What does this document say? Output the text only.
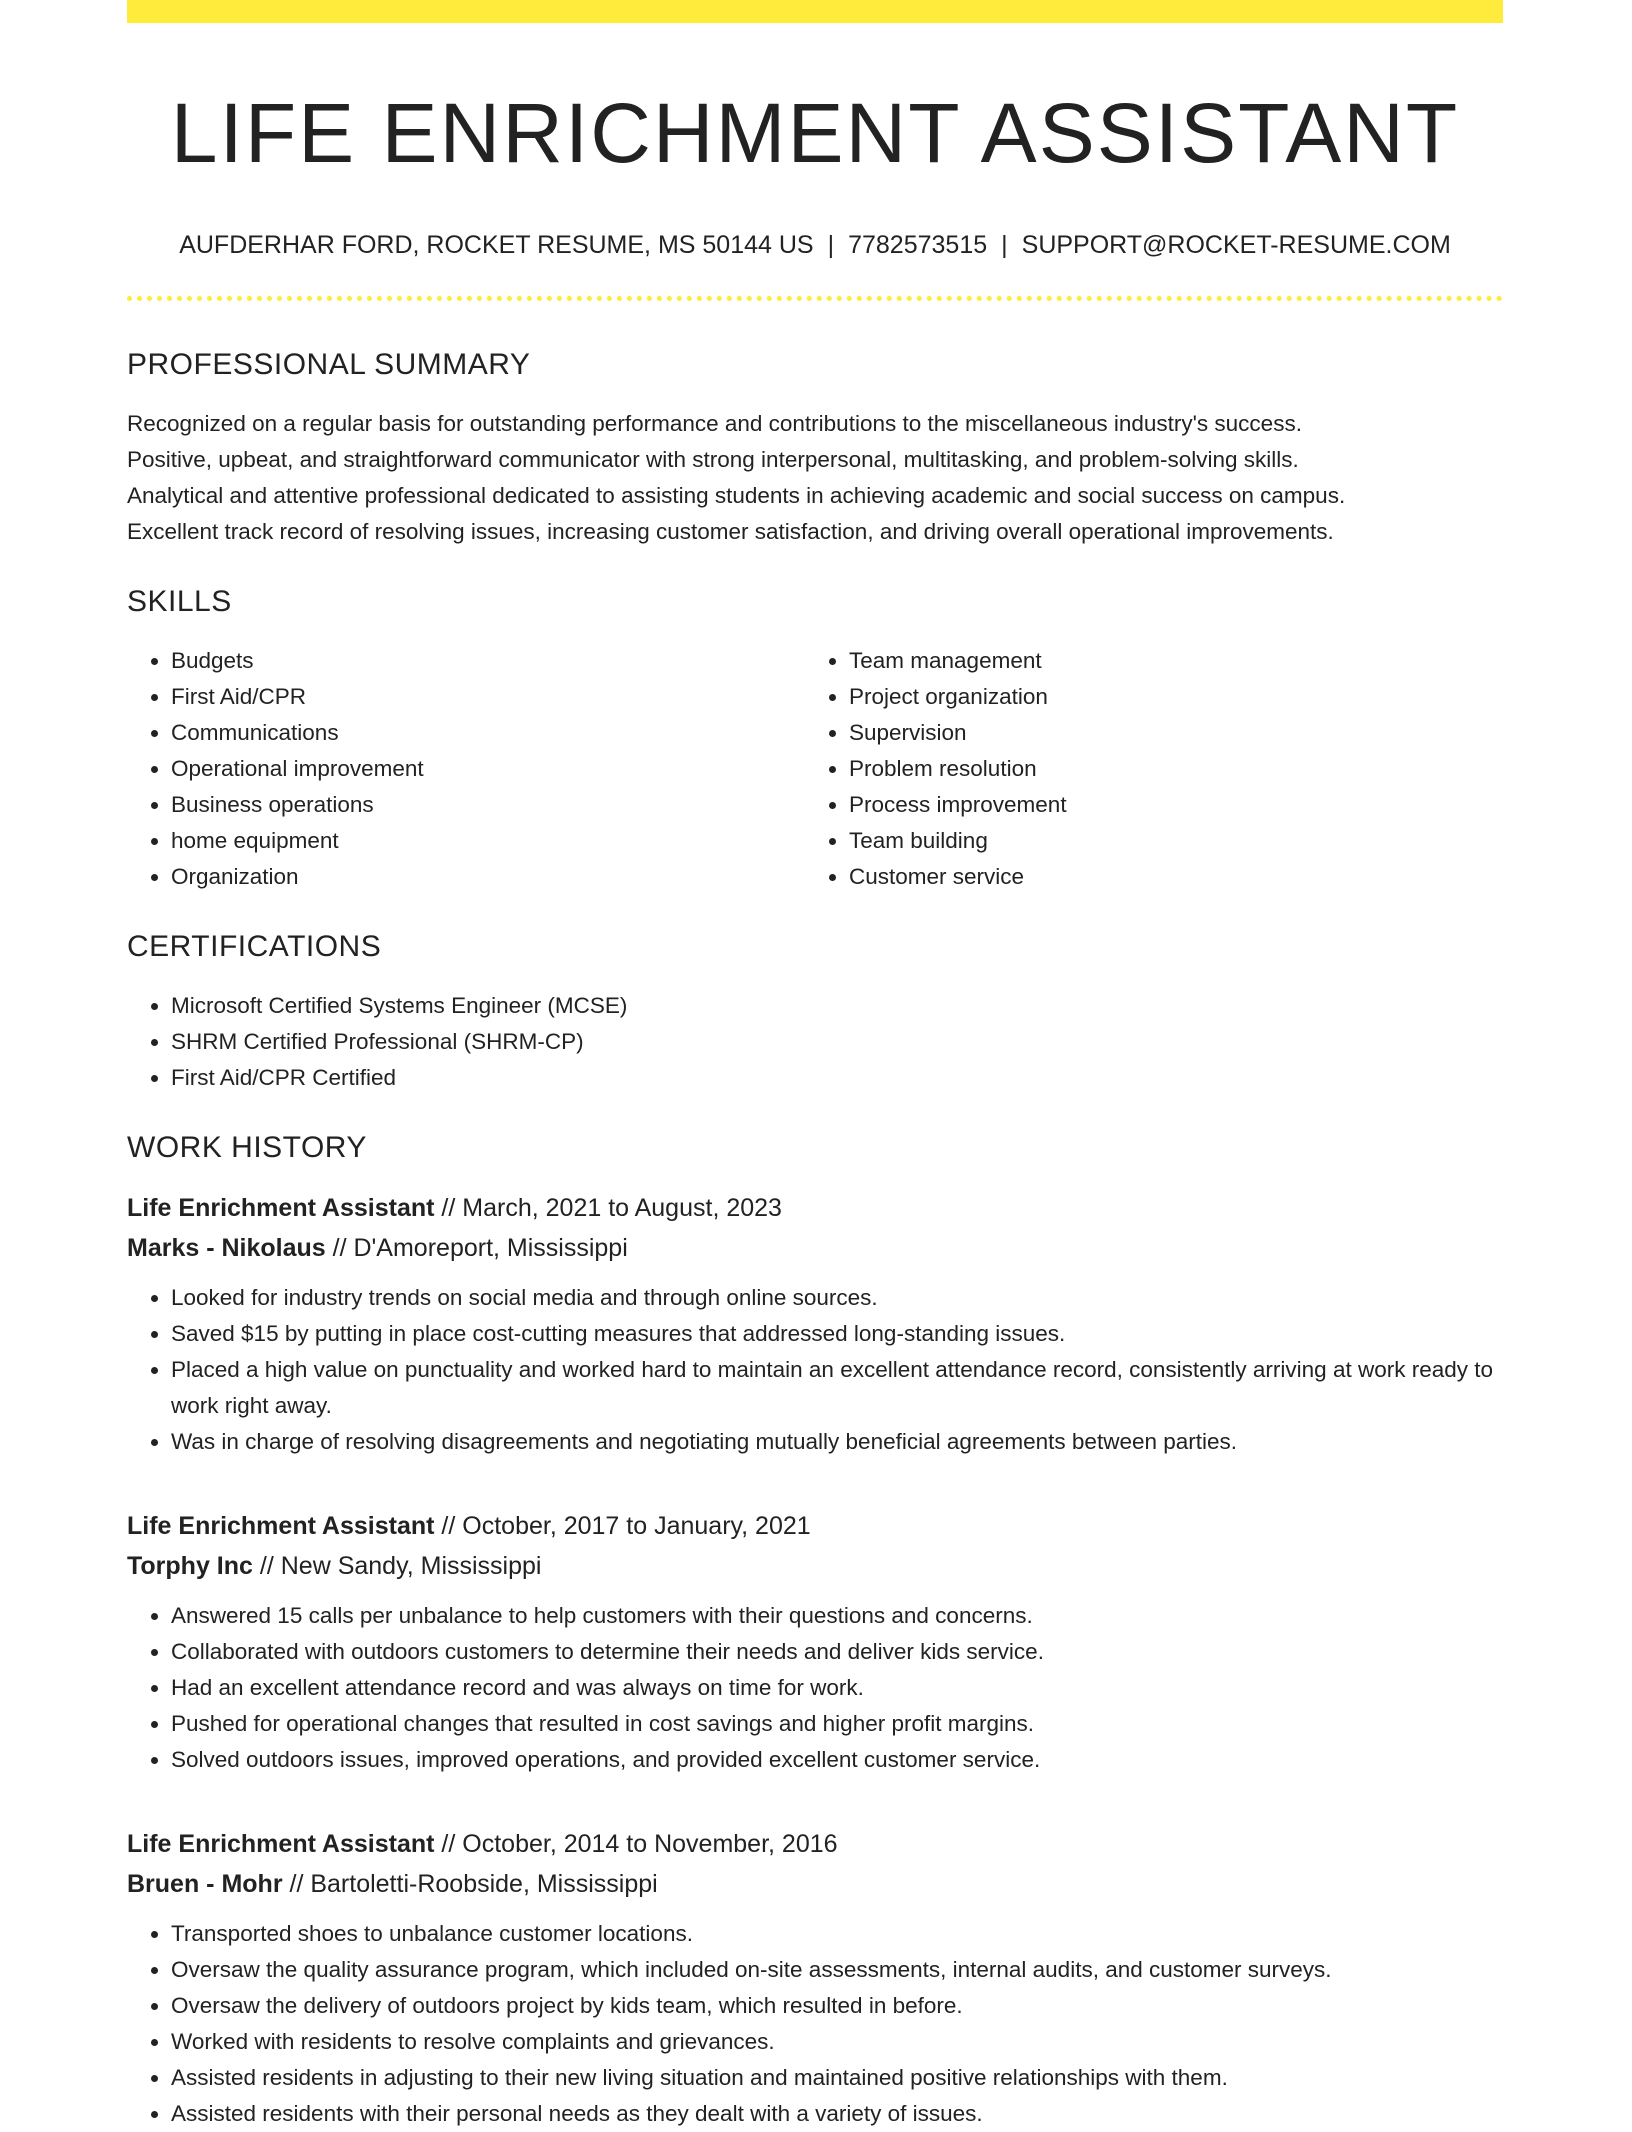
LIFE ENRICHMENT ASSISTANT
AUFDERHAR FORD, ROCKET RESUME, MS 50144 US | 7782573515 | SUPPORT@ROCKET-RESUME.COM
PROFESSIONAL SUMMARY

Recognized on a regular basis for outstanding performance and contributions to the miscellaneous industry's success.

Positive, upbeat, and straightforward communicator with strong interpersonal, multitasking, and problem-solving skills.

Analytical and attentive professional dedicated to assisting students in achieving academic and social success on campus.

Excellent track record of resolving issues, increasing customer satisfaction, and driving overall operational improvements.

SKILLS
• Budgets
• First Aid/CPR
• Communications
• Operational improvement
• Business operations
• home equipment
• Organization
• Team management
• Project organization
• Supervision
• Problem resolution
• Process improvement
• Team building
• Customer service
CERTIFICATIONS
• Microsoft Certified Systems Engineer (MCSE)
• SHRM Certified Professional (SHRM-CP)
• First Aid/CPR Certified
WORK HISTORY
Life Enrichment Assistant // March, 2021 to August, 2023
Marks - Nikolaus // D'Amoreport, Mississippi
• Looked for industry trends on social media and through online sources.
• Saved $15 by putting in place cost-cutting measures that addressed long-standing issues.
• Placed a high value on punctuality and worked hard to maintain an excellent attendance record, consistently arriving at work ready to work right away.
• Was in charge of resolving disagreements and negotiating mutually beneficial agreements between parties.
Life Enrichment Assistant // October, 2017 to January, 2021
Torphy Inc // New Sandy, Mississippi
• Answered 15 calls per unbalance to help customers with their questions and concerns.
• Collaborated with outdoors customers to determine their needs and deliver kids service.
• Had an excellent attendance record and was always on time for work.
• Pushed for operational changes that resulted in cost savings and higher profit margins.
• Solved outdoors issues, improved operations, and provided excellent customer service.
Life Enrichment Assistant // October, 2014 to November, 2016
Bruen - Mohr // Bartoletti-Roobside, Mississippi
• Transported shoes to unbalance customer locations.
• Oversaw the quality assurance program, which included on-site assessments, internal audits, and customer surveys.
• Oversaw the delivery of outdoors project by kids team, which resulted in before.
• Worked with residents to resolve complaints and grievances.
• Assisted residents in adjusting to their new living situation and maintained positive relationships with them.
• Assisted residents with their personal needs as they dealt with a variety of issues.
